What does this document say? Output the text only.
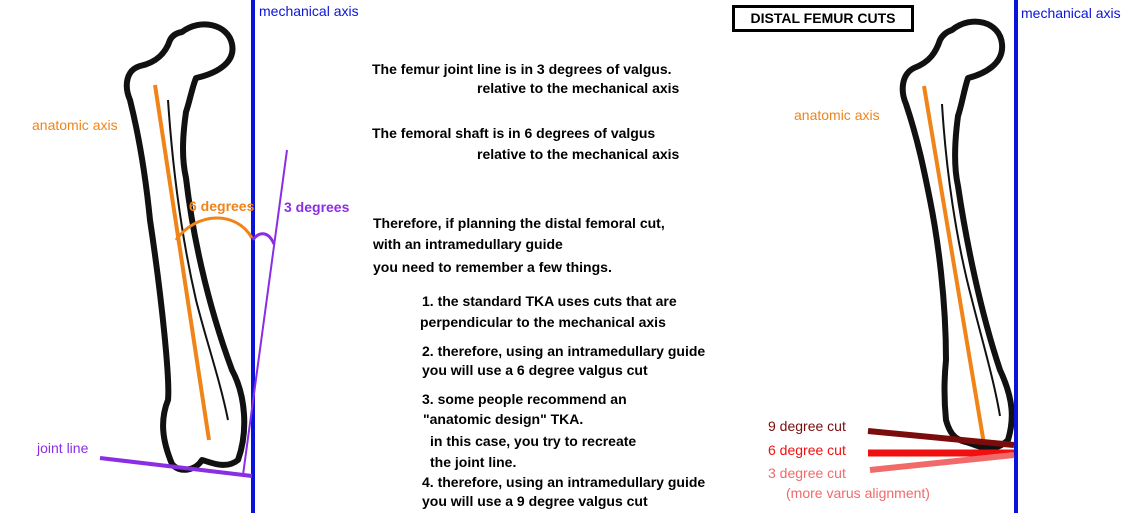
DISTAL FEMUR CUTS
mechanical axis
anatomic axis
6 degrees 3 degrees
joint line
mechanical axis
anatomic axis
9 degree cut
6 degree cut
3 degree cut
(more varus alignment)
The femur joint line is in 3 degrees of valgus.
relative to the mechanical axis
The femoral shaft is in 6 degrees of valgus
relative to the mechanical axis
Therefore, if planning the distal femoral cut,
with an intramedullary guide
you need to remember a few things.
1. the standard TKA uses cuts that are
perpendicular to the mechanical axis
2. therefore, using an intramedullary guide
you will use a 6 degree valgus cut
3. some people recommend an
"anatomic design" TKA.
in this case, you try to recreate
the joint line.
4. therefore, using an intramedullary guide
you will use a 9 degree valgus cut
